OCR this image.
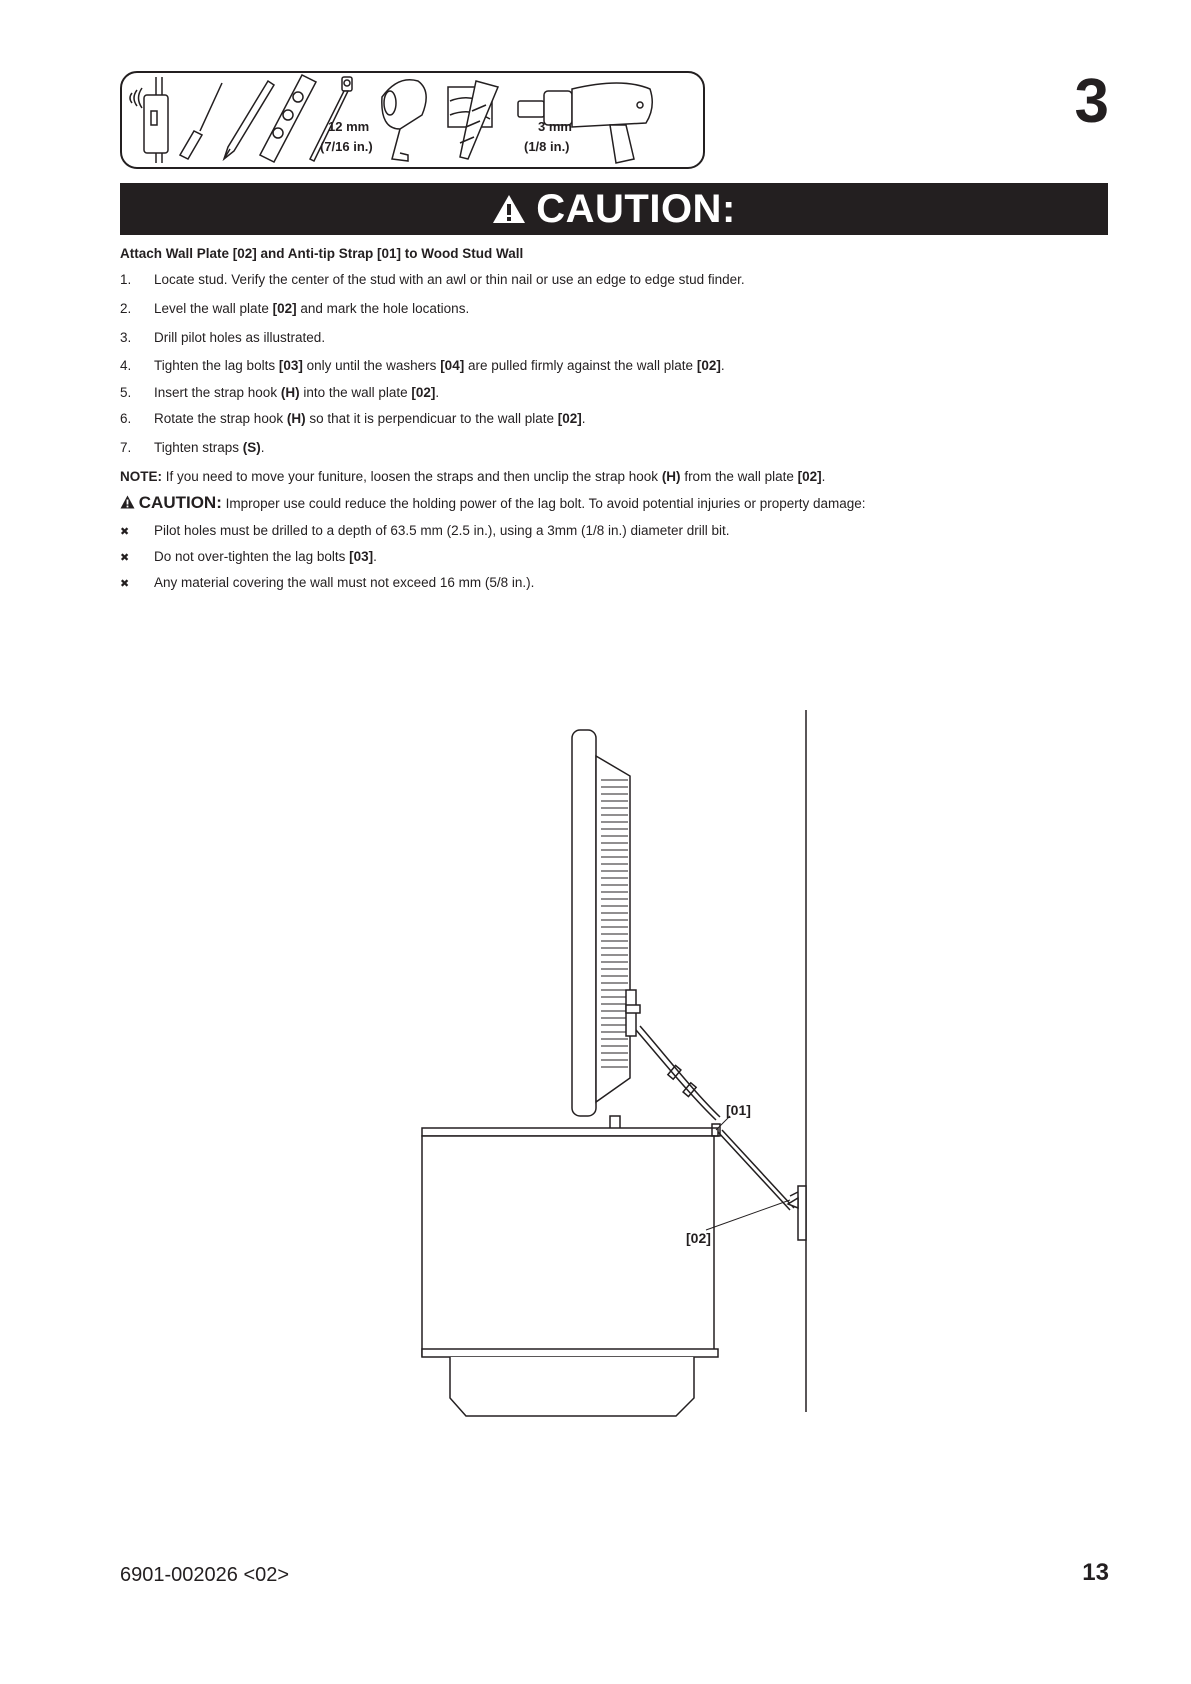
12 mm
(7/16 in.)
3 mm
(1/8 in.)
3
CAUTION:
Attach Wall Plate [02] and Anti-tip Strap [01] to Wood Stud Wall
1. Locate stud. Verify the center of the stud with an awl or thin nail or use an edge to edge stud finder.
2. Level the wall plate [02] and mark the hole locations.
3. Drill pilot holes as illustrated.
4. Tighten the lag bolts [03] only until the washers [04] are pulled firmly against the wall plate [02].
5. Insert the strap hook (H) into the wall plate [02].
6. Rotate the strap hook (H) so that it is perpendicuar to the wall plate [02].
7. Tighten straps (S).
NOTE: If you need to move your funiture, loosen the straps and then unclip the strap hook (H) from the wall plate [02].
CAUTION: Improper use could reduce the holding power of the lag bolt. To avoid potential injuries or property damage:
✖ Pilot holes must be drilled to a depth of 63.5 mm (2.5 in.), using a 3mm (1/8 in.) diameter drill bit.
✖ Do not over-tighten the lag bolts [03].
✖ Any material covering the wall must not exceed 16 mm (5/8 in.).
[01]
[02]
6901-002026 <02>	13
